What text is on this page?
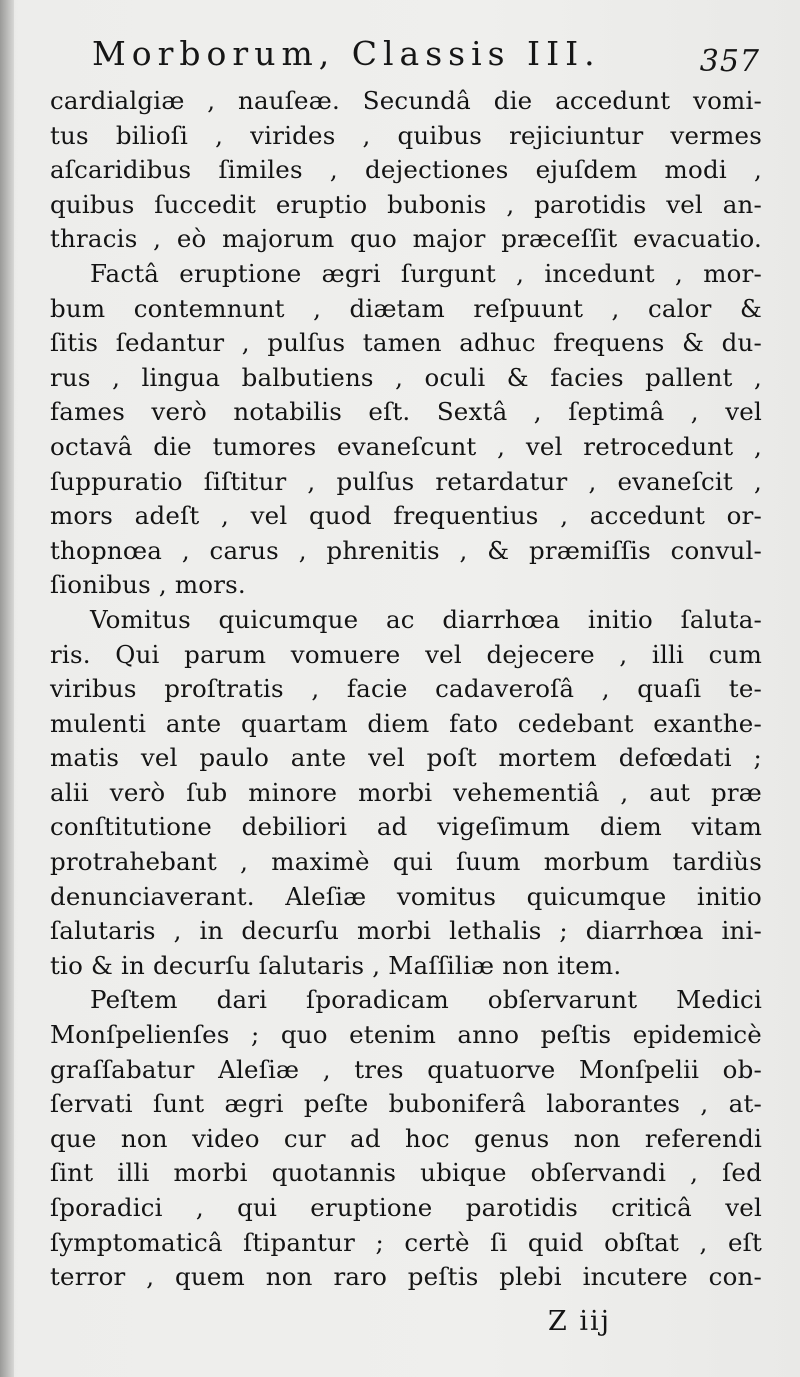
Morborum, Classis III.	357
cardialgiæ , nauſeæ. Secundâ die accedunt vomi-
tus bilioſi , virides , quibus rejiciuntur vermes
aſcaridibus ſimiles , dejectiones ejuſdem modi ,
quibus ſuccedit eruptio bubonis , parotidis vel an-
thracis , eò majorum quo major præceſſit evacuatio.
Factâ eruptione ægri ſurgunt , incedunt , mor-
bum contemnunt , diætam reſpuunt , calor &
ſitis ſedantur , pulſus tamen adhuc frequens & du-
rus , lingua balbutiens , oculi & facies pallent ,
fames verò notabilis eſt. Sextâ , ſeptimâ , vel
octavâ die tumores evaneſcunt , vel retrocedunt ,
ſuppuratio ſiſtitur , pulſus retardatur , evaneſcit ,
mors adeſt , vel quod frequentius , accedunt or-
thopnœa , carus , phrenitis , & præmiſſis convul-
ſionibus , mors.
Vomitus quicumque ac diarrhœa initio ſaluta-
ris. Qui parum vomuere vel dejecere , illi cum
viribus proſtratis , facie cadaveroſâ , quaſi te-
mulenti ante quartam diem fato cedebant exanthe-
matis vel paulo ante vel poſt mortem defœdati ;
alii verò ſub minore morbi vehementiâ , aut præ
conſtitutione debiliori ad vigeſimum diem vitam
protrahebant , maximè qui ſuum morbum tardiùs
denunciaverant. Aleſiæ vomitus quicumque initio
ſalutaris , in decurſu morbi lethalis ; diarrhœa ini-
tio & in decurſu ſalutaris , Maſſiliæ non item.
Peſtem dari ſporadicam obſervarunt Medici
Monſpelienſes ; quo etenim anno peſtis epidemicè
graſſabatur Aleſiæ , tres quatuorve Monſpelii ob-
ſervati ſunt ægri peſte buboniferâ laborantes , at-
que non video cur ad hoc genus non referendi
ſint illi morbi quotannis ubique obſervandi , ſed
ſporadici , qui eruptione parotidis criticâ vel
ſymptomaticâ ſtipantur ; certè ſi quid obſtat , eſt
terror , quem non raro peſtis plebi incutere con-
Z iij
